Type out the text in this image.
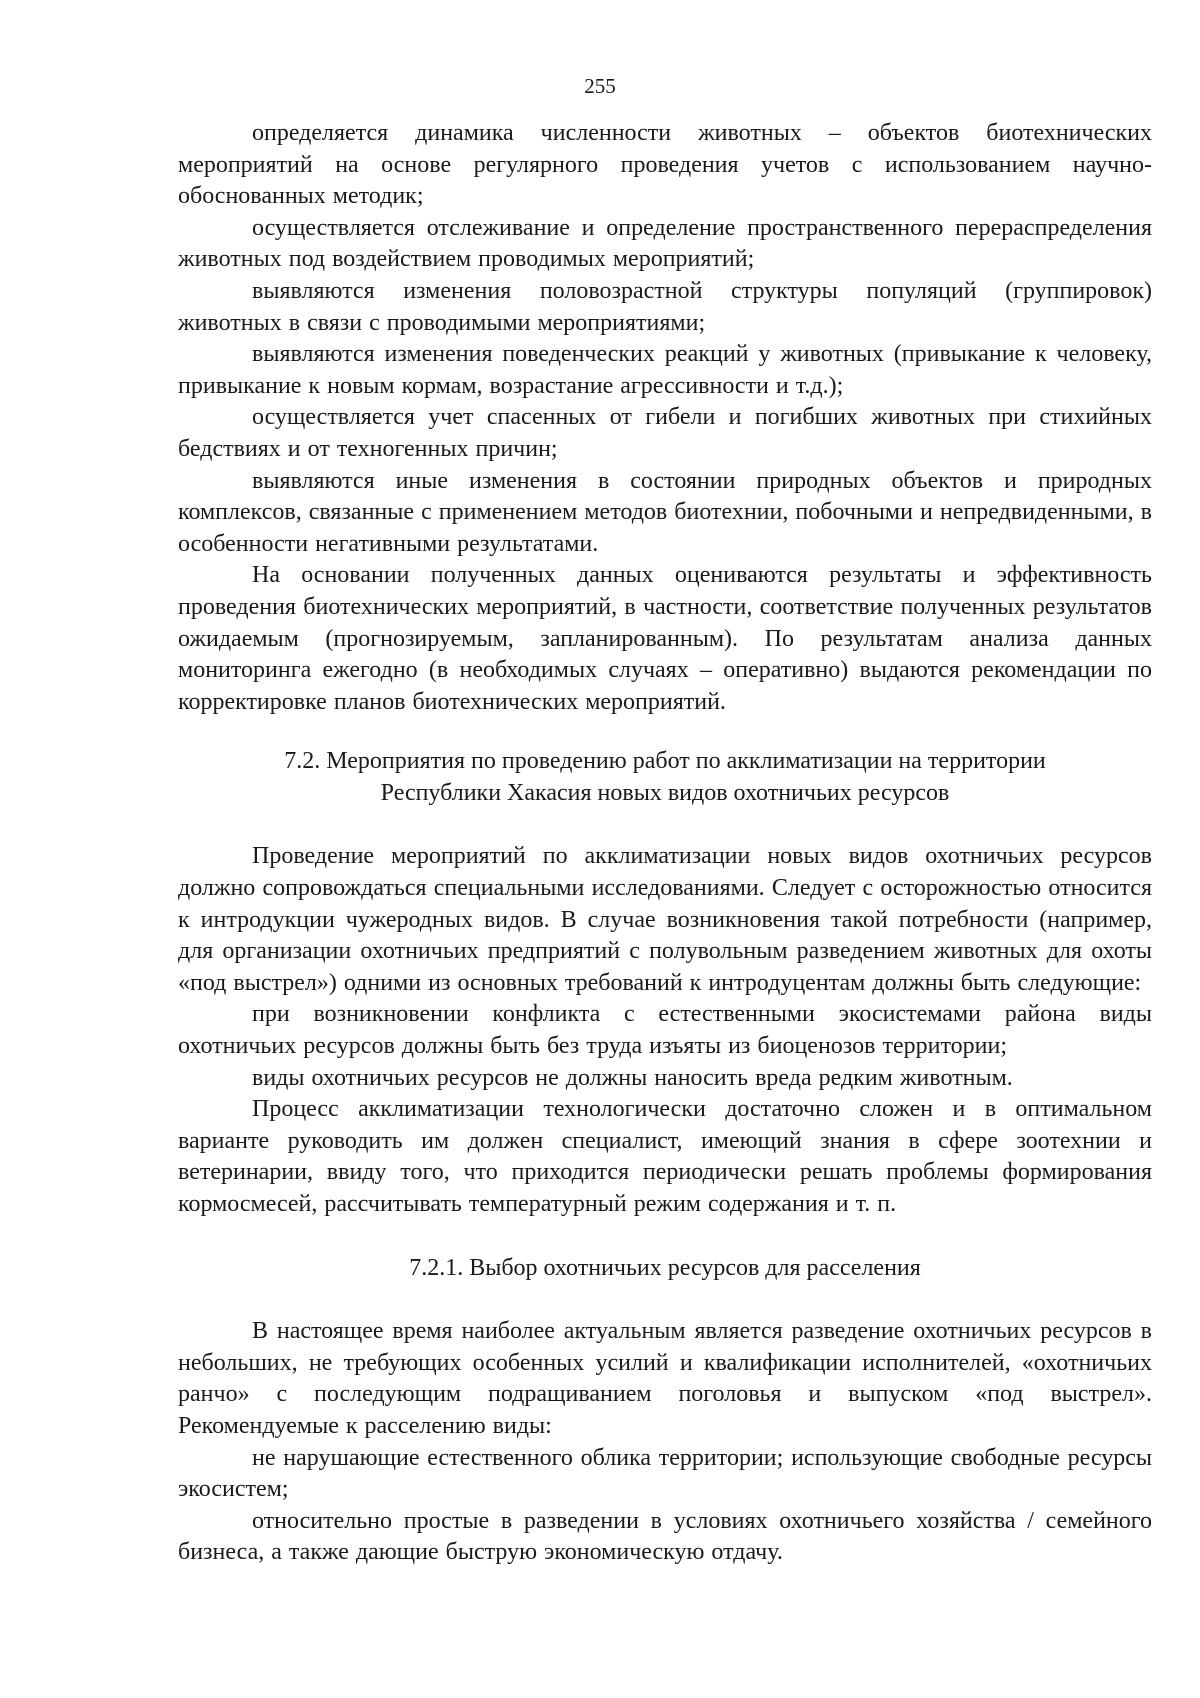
255

определяется динамика численности животных – объектов биотехнических мероприятий на основе регулярного проведения учетов с использованием научно-обоснованных методик;

осуществляется отслеживание и определение пространственного перераспределения животных под воздействием проводимых мероприятий;

выявляются изменения половозрастной структуры популяций (группировок) животных в связи с проводимыми мероприятиями;

выявляются изменения поведенческих реакций у животных (привыкание к человеку, привыкание к новым кормам, возрастание агрессивности и т.д.);

осуществляется учет спасенных от гибели и погибших животных при стихийных бедствиях и от техногенных причин;

выявляются иные изменения в состоянии природных объектов и природных комплексов, связанные с применением методов биотехнии, побочными и непредвиденными, в особенности негативными результатами.

На основании полученных данных оцениваются результаты и эффективность проведения биотехнических мероприятий, в частности, соответствие полученных результатов ожидаемым (прогнозируемым, запланированным). По результатам анализа данных мониторинга ежегодно (в необходимых случаях – оперативно) выдаются рекомендации по корректировке планов биотехнических мероприятий.

7.2. Мероприятия по проведению работ по акклиматизации на территории
Республики Хакасия новых видов охотничьих ресурсов

Проведение мероприятий по акклиматизации новых видов охотничьих ресурсов должно сопровождаться специальными исследованиями. Следует с осторожностью относится к интродукции чужеродных видов. В случае возникновения такой потребности (например, для организации охотничьих предприятий с полувольным разведением животных для охоты «под выстрел») одними из основных требований к интродуцентам должны быть следующие:

при возникновении конфликта с естественными экосистемами района виды охотничьих ресурсов должны быть без труда изъяты из биоценозов территории;

виды охотничьих ресурсов не должны наносить вреда редким животным.

Процесс акклиматизации технологически достаточно сложен и в оптимальном варианте руководить им должен специалист, имеющий знания в сфере зоотехнии и ветеринарии, ввиду того, что приходится периодически решать проблемы формирования кормосмесей, рассчитывать температурный режим содержания и т. п.

7.2.1. Выбор охотничьих ресурсов для расселения

В настоящее время наиболее актуальным является разведение охотничьих ресурсов в небольших, не требующих особенных усилий и квалификации исполнителей, «охотничьих ранчо» с последующим подращиванием поголовья и выпуском «под выстрел». Рекомендуемые к расселению виды:

не нарушающие естественного облика территории; использующие свободные ресурсы экосистем;

относительно простые в разведении в условиях охотничьего хозяйства / семейного бизнеса, а также дающие быструю экономическую отдачу.
